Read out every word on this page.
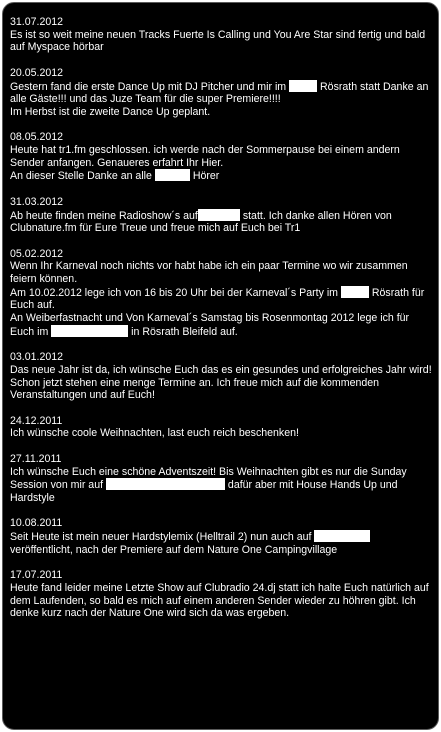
31.07.2012
Es ist so weit meine neuen Tracks Fuerte Is Calling und You Are Star sind fertig und bald auf Myspace hörbar
20.05.2012
Gestern fand die erste Dance Up mit DJ Pitcher und mir im	Rösrath statt Danke an alle Gäste!!! und das Juze Team für die super Premiere!!!!
Im Herbst ist die zweite Dance Up geplant.
08.05.2012
Heute hat tr1.fm geschlossen. ich werde nach der Sommerpause bei einem andern Sender anfangen. Genaueres erfahrt Ihr Hier.
An dieser Stelle Danke an alle	Hörer
31.03.2012
Ab heute finden meine Radioshow´s auf	statt. Ich danke allen Hören von Clubnature.fm für Eure Treue und freue mich auf Euch bei Tr1
05.02.2012
Wenn Ihr Karneval noch nichts vor habt habe ich ein paar Termine wo wir zusammen feiern können.
Am 10.02.2012 lege ich von 16 bis 20 Uhr bei der Karneval´s Party im	Rösrath für Euch auf.
An Weiberfastnacht und Von Karneval´s Samstag bis Rosenmontag 2012 lege ich für Euch im	in Rösrath Bleifeld auf.
03.01.2012
Das neue Jahr ist da, ich wünsche Euch das es ein gesundes und erfolgreiches Jahr wird!
Schon jetzt stehen eine menge Termine an. Ich freue mich auf die kommenden Veranstaltungen und auf Euch!
24.12.2011
Ich wünsche coole Weihnachten, last euch reich beschenken!
27.11.2011
Ich wünsche Euch eine schöne Adventszeit! Bis Weihnachten gibt es nur die Sunday Session von mir auf	dafür aber mit House Hands Up und Hardstyle
10.08.2011
Seit Heute ist mein neuer Hardstylemix (Helltrail 2) nun auch auf  veröffentlicht, nach der Premiere auf dem Nature One Campingvillage
17.07.2011
Heute fand leider meine Letzte Show auf Clubradio 24.dj statt ich halte Euch natürlich auf dem Laufenden, so bald es mich auf einem anderen Sender wieder zu höhren gibt. Ich denke kurz nach der Nature One wird sich da was ergeben.
